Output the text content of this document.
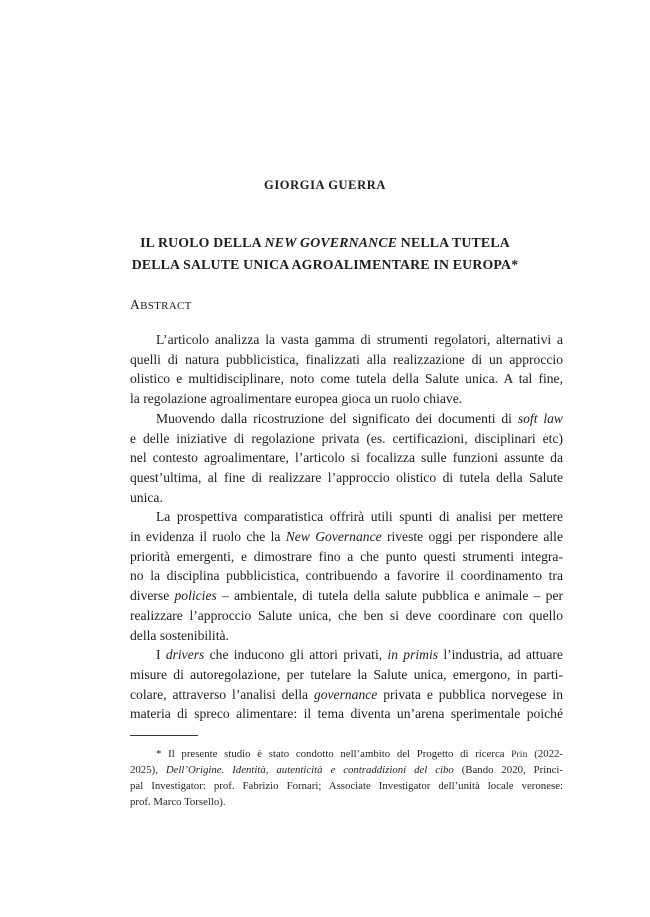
GIORGIA GUERRA
IL RUOLO DELLA NEW GOVERNANCE NELLA TUTELA
DELLA SALUTE UNICA AGROALIMENTARE IN EUROPA*
ABSTRACT

L’articolo analizza la vasta gamma di strumenti regolatori, alternativi a
quelli di natura pubblicistica, finalizzati alla realizzazione di un approccio
olistico e multidisciplinare, noto come tutela della Salute unica. A tal fine,
la regolazione agroalimentare europea gioca un ruolo chiave.

Muovendo dalla ricostruzione del significato dei documenti di soft law
e delle iniziative di regolazione privata (es. certificazioni, disciplinari etc)
nel contesto agroalimentare, l’articolo si focalizza sulle funzioni assunte da
quest’ultima, al fine di realizzare l’approccio olistico di tutela della Salute
unica.

La prospettiva comparatistica offrirà utili spunti di analisi per mettere
in evidenza il ruolo che la New Governance riveste oggi per rispondere alle
priorità emergenti, e dimostrare fino a che punto questi strumenti integra-
no la disciplina pubblicistica, contribuendo a favorire il coordinamento tra
diverse policies – ambientale, di tutela della salute pubblica e animale – per
realizzare l’approccio Salute unica, che ben si deve coordinare con quello
della sostenibilità.

I drivers che inducono gli attori privati, in primis l’industria, ad attuare
misure di autoregolazione, per tutelare la Salute unica, emergono, in parti-
colare, attraverso l’analisi della governance privata e pubblica norvegese in
materia di spreco alimentare: il tema diventa un’arena sperimentale poiché

* Il presente studio è stato condotto nell’ambito del Progetto di ricerca Prin (2022-
2025), Dell’Origine. Identità, autenticità e contraddizioni del cibo (Bando 2020, Princi-
pal Investigator: prof. Fabrizio Fornari; Associate Investigator dell’unità locale veronese:
prof. Marco Torsello).
